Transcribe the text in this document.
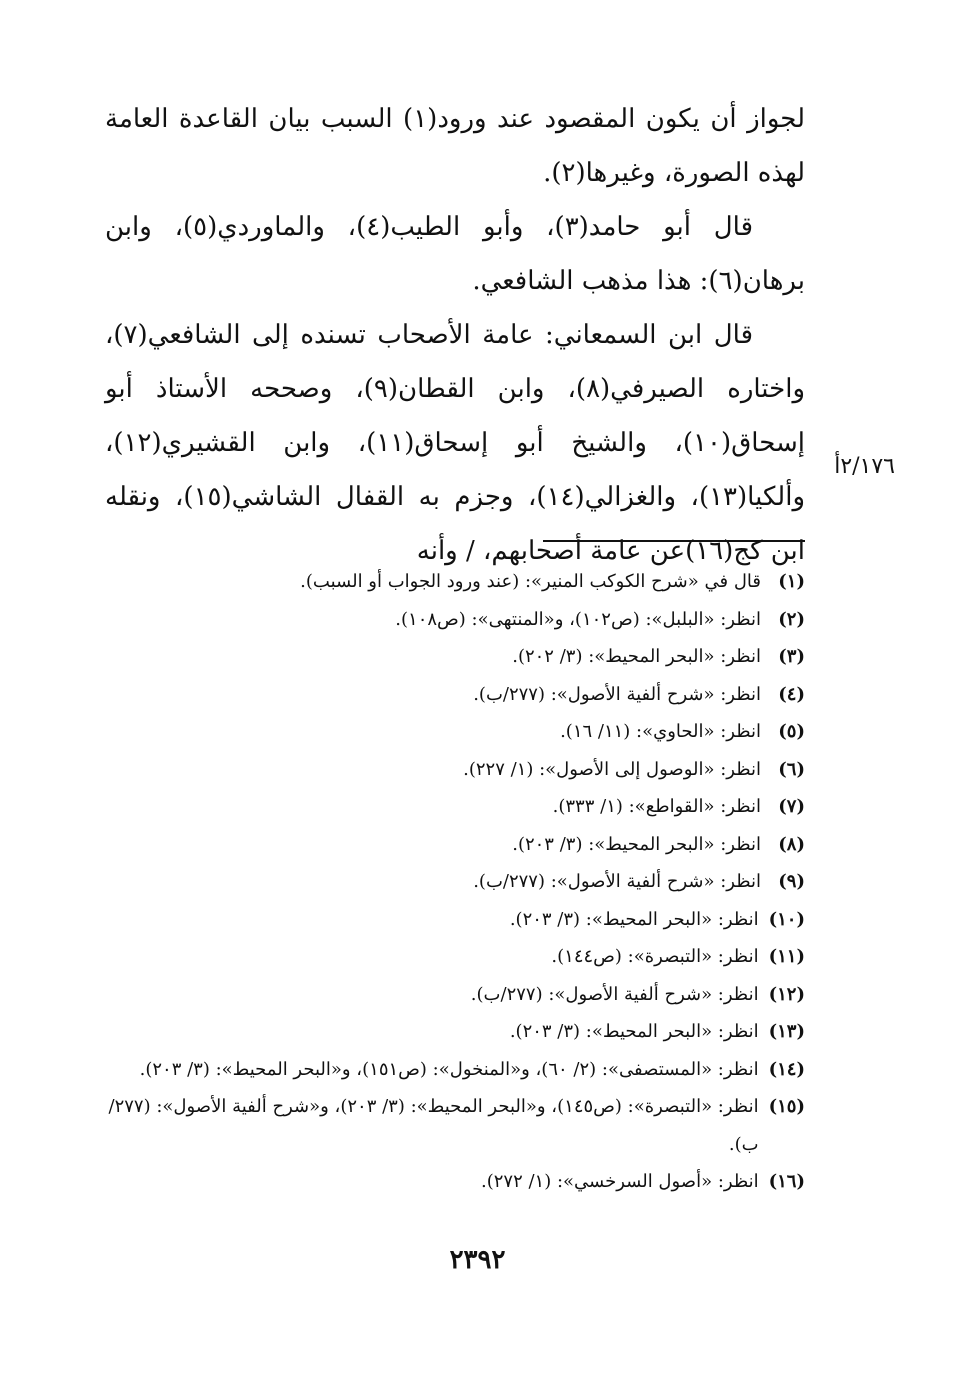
لجواز أن يكون المقصود عند ورود(١) السبب بيان القاعدة العامة لهذه الصورة، وغيرها(٢).

قال أبو حامد(٣)، وأبو الطيب(٤)، والماوردي(٥)، وابن برهان(٦): هذا مذهب الشافعي.

قال ابن السمعاني: عامة الأصحاب تسنده إلى الشافعي(٧)، واختاره الصيرفي(٨)، وابن القطان(٩)، وصححه الأستاذ أبو إسحاق(١٠)، والشيخ أبو إسحاق(١١)، وابن القشيري(١٢)، وألكيا(١٣)، والغزالي(١٤)، وجزم به القفال الشاشي(١٥)، ونقله ابن كج(١٦)عن عامة أصحابهم، / وأنه

٢/١٧٦أ
(١)
قال في «شرح الكوكب المنير»: (عند ورود الجواب أو السبب).
(٢)
انظر: «البلبل»: (ص١٠٢)، و«المنتهى»: (ص١٠٨).
(٣)
انظر: «البحر المحيط»: (٣/ ٢٠٢).
(٤)
انظر: «شرح ألفية الأصول»: (٢٧٧/ب).
(٥)
انظر: «الحاوي»: (١١/ ١٦).
(٦)
انظر: «الوصول إلى الأصول»: (١/ ٢٢٧).
(٧)
انظر: «القواطع»: (١/ ٣٣٣).
(٨)
انظر: «البحر المحيط»: (٣/ ٢٠٣).
(٩)
انظر: «شرح ألفية الأصول»: (٢٧٧/ب).
(١٠)
انظر: «البحر المحيط»: (٣/ ٢٠٣).
(١١)
انظر: «التبصرة»: (ص١٤٤).
(١٢)
انظر: «شرح ألفية الأصول»: (٢٧٧/ب).
(١٣)
انظر: «البحر المحيط»: (٣/ ٢٠٣).
(١٤)
انظر: «المستصفى»: (٢/ ٦٠)، و«المنخول»: (ص١٥١)، و«البحر المحيط»: (٣/ ٢٠٣).
(١٥)
انظر: «التبصرة»: (ص١٤٥)، و«البحر المحيط»: (٣/ ٢٠٣)، و«شرح ألفية الأصول»: (٢٧٧/ب).
(١٦)
انظر: «أصول السرخسي»: (١/ ٢٧٢).
٢٣٩٢
